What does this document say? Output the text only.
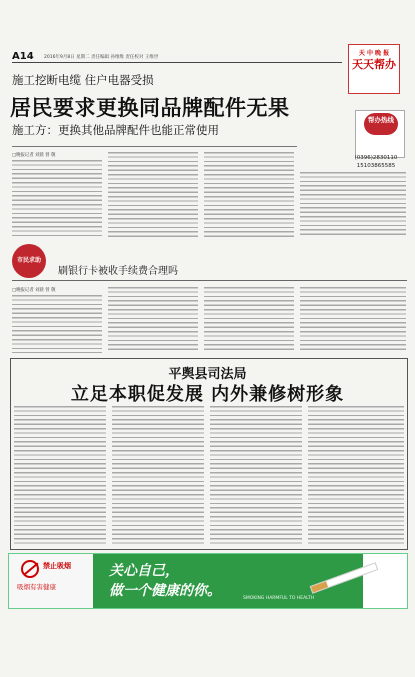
A14 2016年9月8日 星期二 责任编辑 孙维维 责任校对 王维世
天 中 晚 报
天天帮办
施工挖断电缆 住户电器受损
居民要求更换同品牌配件无果
施工方：更换其他品牌配件也能正常使用
帮办热线
(0396)2830110
15103865585
□晚报记者 刘晨 曾 敬
市民求助
刷银行卡被收手续费合理吗
□晚报记者 刘晨 曾 敬
平舆县司法局
立足本职促发展 内外兼修树形象
禁止吸烟
吸烟有害健康
关心自己，
做一个健康的你。	SMOKING HARMFUL TO HEALTH
